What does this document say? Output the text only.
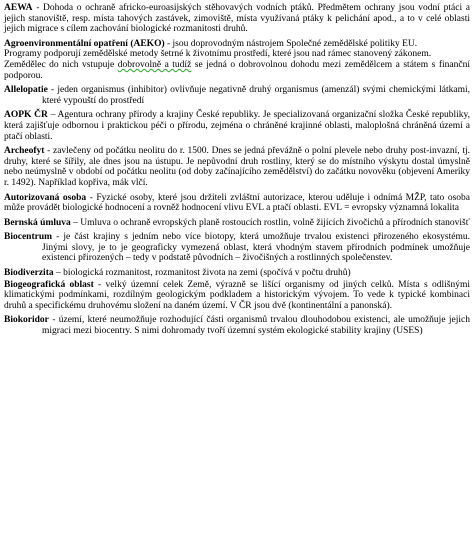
AEWA - Dohoda o ochraně africko-euroasijských stěhovavých vodních ptáků. Předmětem ochrany jsou vodní ptáci a jejich stanoviště, resp. místa tahových zastávek, zimoviště, místa využívaná ptáky k pelichání apod., a to v celé oblasti jejich migrace s cílem zachování biologické rozmanitosti druhů.

Agroenvironmentální opatření (AEKO) - jsou doprovodným nástrojem Společné zemědělské politiky EU.

Programy podporují zemědělské metody šetrné k životnímu prostředí, které jsou nad rámec stanovený zákonem.

Zemědělec do nich vstupuje dobrovolně a tudíž se jedná o dobrovolnou dohodu mezi zemědělcem a státem s finanční podporou.

Allelopatie - jeden organismus (inhibitor) ovlivňuje negativně druhý organismus (amenzál) svými chemickými látkami, které vypouští do prostředí

AOPK ČR – Agentura ochrany přírody a krajiny České republiky. Je specializovaná organizační složka České republiky, která zajišťuje odbornou i praktickou péči o přírodu, zejména o chráněné krajinné oblasti, maloplošná chráněná území a ptačí oblasti.

Archeofyt - zavlečeny od počátku neolitu do r. 1500. Dnes se jedná převážně o polní plevele nebo druhy post-invazní, tj. druhy, které se šířily, ale dnes jsou na ústupu. Je nepůvodní druh rostliny, který se do místního výskytu dostal úmyslně nebo neúmyslně v období od počátku neolitu (od doby začínajícího zemědělství) do začátku novověku (objevení Ameriky r. 1492). Například kopřiva, mák vlčí.

Autorizovaná osoba - Fyzické osoby, které jsou držiteli zvláštní autorizace, kterou uděluje i odnímá MŽP, tato osoba může provádět biologické hodnocení a rovněž hodnocení vlivu EVL a ptačí oblasti. EVL = evropsky významná lokalita

Bernská úmluva – Umluva o ochraně evropských planě rostoucích rostlin, volně žijících živočichů a přírodních stanovišť

Biocentrum - je část krajiny s jedním nebo více biotopy, která umožňuje trvalou existenci přirozeného ekosystému. Jinými slovy, je to je geograficky vymezená oblast, která vhodným stavem přírodních podmínek umožňuje existenci přirozených – tedy v podstatě původních – živočišných a rostlinných společenstev.

Biodiverzita – biologická rozmanitost, rozmanitost života na zemi (spočívá v počtu druhů)

Biogeografická oblast - velký územní celek Země, výrazně se lišící organismy od jiných celků. Místa s odlišnými klimatickými podmínkami, rozdílným geologickým podkladem a historickým vývojem. To vede k typické kombinaci druhů a specifickému druhovému složení na daném území. V ČR jsou dvě (kontinentální a panonská).

Biokoridor - území, které neumožňuje rozhodující části organismů trvalou dlouhodobou existenci, ale umožňuje jejich migraci mezi biocentry. S nimi dohromady tvoří územní systém ekologické stability krajiny (USES)
